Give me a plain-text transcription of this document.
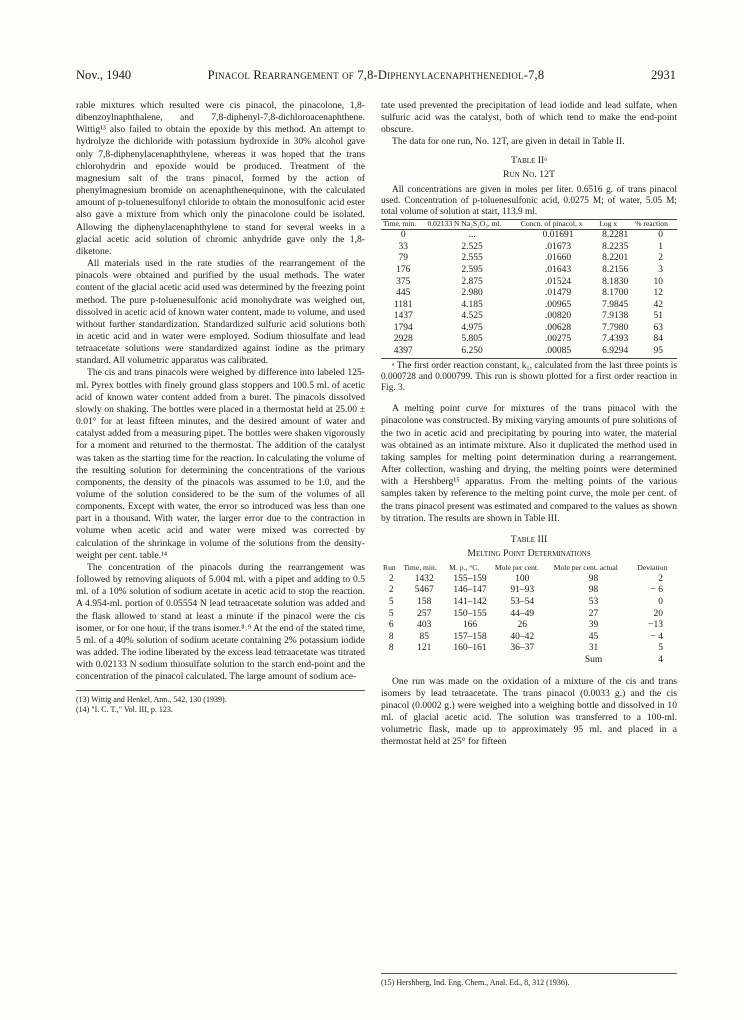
Nov., 1940	Pinacol Rearrangement of 7,8-Diphenylacenaphthenediol-7,8	2931

rable mixtures which resulted were cis pinacol, the pinacolone, 1,8-dibenzoylnaphthalene, and 7,8-diphenyl-7,8-dichloroacenaphthene. Wittig¹³ also failed to obtain the epoxide by this method. An attempt to hydrolyze the dichloride with potassium hydroxide in 30% alcohol gave only 7,8-diphenylacenaphthylene, whereas it was hoped that the trans chlorohydrin and epoxide would be produced. Treatment of the magnesium salt of the trans pinacol, formed by the action of phenylmagnesium bromide on acenaphthenequinone, with the calculated amount of p-toluenesulfonyl chloride to obtain the monosulfonic acid ester also gave a mixture from which only the pinacolone could be isolated. Allowing the diphenylacenaphthylene to stand for several weeks in a glacial acetic acid solution of chromic anhydride gave only the 1,8-diketone.

All materials used in the rate studies of the rearrangement of the pinacols were obtained and purified by the usual methods. The water content of the glacial acetic acid used was determined by the freezing point method. The pure p-toluenesulfonic acid monohydrate was weighed out, dissolved in acetic acid of known water content, made to volume, and used without further standardization. Standardized sulfuric acid solutions both in acetic acid and in water were employed. Sodium thiosulfate and lead tetraacetate solutions were standardized against iodine as the primary standard. All volumetric apparatus was calibrated.

The cis and trans pinacols were weighed by difference into labeled 125-ml. Pyrex bottles with finely ground glass stoppers and 100.5 ml. of acetic acid of known water content added from a buret. The pinacols dissolved slowly on shaking. The bottles were placed in a thermostat held at 25.00 ± 0.01° for at least fifteen minutes, and the desired amount of water and catalyst added from a measuring pipet. The bottles were shaken vigorously for a moment and returned to the thermostat. The addition of the catalyst was taken as the starting time for the reaction. In calculating the volume of the resulting solution for determining the concentrations of the various components, the density of the pinacols was assumed to be 1.0, and the volume of the solution considered to be the sum of the volumes of all components. Except with water, the error so introduced was less than one part in a thousand. With water, the larger error due to the contraction in volume when acetic acid and water were mixed was corrected by calculation of the shrinkage in volume of the solutions from the density-weight per cent. table.¹⁴

The concentration of the pinacols during the rearrangement was followed by removing aliquots of 5.004 ml. with a pipet and adding to 0.5 ml. of a 10% solution of sodium acetate in acetic acid to stop the reaction. A 4.954-ml. portion of 0.05554 N lead tetraacetate solution was added and the flask allowed to stand at least a minute if the pinacol were the cis isomer, or for one hour, if the trans isomer.⁸˒⁹ At the end of the stated time, 5 ml. of a 40% solution of sodium acetate containing 2% potassium iodide was added. The iodine liberated by the excess lead tetraacetate was titrated with 0.02133 N sodium thiosulfate solution to the starch end-point and the concentration of the pinacol calculated. The large amount of sodium ace-

(13) Wittig and Henkel, Ann., 542, 130 (1939).
(14) "I. C. T.," Vol. III, p. 123.

tate used prevented the precipitation of lead iodide and lead sulfate, when sulfuric acid was the catalyst, both of which tend to make the end-point obscure.

The data for one run, No. 12T, are given in detail in Table II.

Table IIᵃ
Run No. 12T

All concentrations are given in moles per liter. 0.6516 g. of trans pinacol used. Concentration of p-toluenesulfonic acid, 0.0275 M; of water, 5.05 M; total volume of solution at start, 113.9 ml.

Time, min.	0.02133 N Na₂S₂O₃, ml.	Concn. of pinacol, x	Log x	% reaction
0	...	0.01691	8.2281	0
33	2.525	.01673	8.2235	1
79	2.555	.01660	8.2201	2
176	2.595	.01643	8.2156	3
375	2.875	.01524	8.1830	10
445	2.980	.01479	8.1700	12
1181	4.185	.00965	7.9845	42
1437	4.525	.00820	7.9138	51
1794	4.975	.00628	7.7980	63
2928	5.805	.00275	7.4393	84
4397	6.250	.00085	6.9294	95

ᵃ The first order reaction constant, k₁, calculated from the last three points is 0.000728 and 0.000799. This run is shown plotted for a first order reaction in Fig. 3.

A melting point curve for mixtures of the trans pinacol with the pinacolone was constructed. By mixing varying amounts of pure solutions of the two in acetic acid and precipitating by pouring into water, the material was obtained as an intimate mixture. Also it duplicated the method used in taking samples for melting point determination during a rearrangement. After collection, washing and drying, the melting points were determined with a Hershberg¹⁵ apparatus. From the melting points of the various samples taken by reference to the melting point curve, the mole per cent. of the trans pinacol present was estimated and compared to the values as shown by titration. The results are shown in Table III.

Table III
Melting Point Determinations
Run	Time, min.	M. p., °C.	Mole per cent.	Mole per cent. actual	Deviation
2	1432	155–159	100	98	2
2	5467	146–147	91–93	98	− 6
5	158	141–142	53–54	53	0
5	257	150–155	44–49	27	20
6	403	166	26	39	−13
8	85	157–158	40–42	45	− 4
8	121	160–161	36–37	31	5
				Sum	4

One run was made on the oxidation of a mixture of the cis and trans isomers by lead tetraacetate. The trans pinacol (0.0033 g.) and the cis pinacol (0.0002 g.) were weighed into a weighing bottle and dissolved in 10 ml. of glacial acetic acid. The solution was transferred to a 100-ml. volumetric flask, made up to approximately 95 ml. and placed in a thermostat held at 25° for fifteen

(15) Hershberg, Ind. Eng. Chem., Anal. Ed., 8, 312 (1936).
